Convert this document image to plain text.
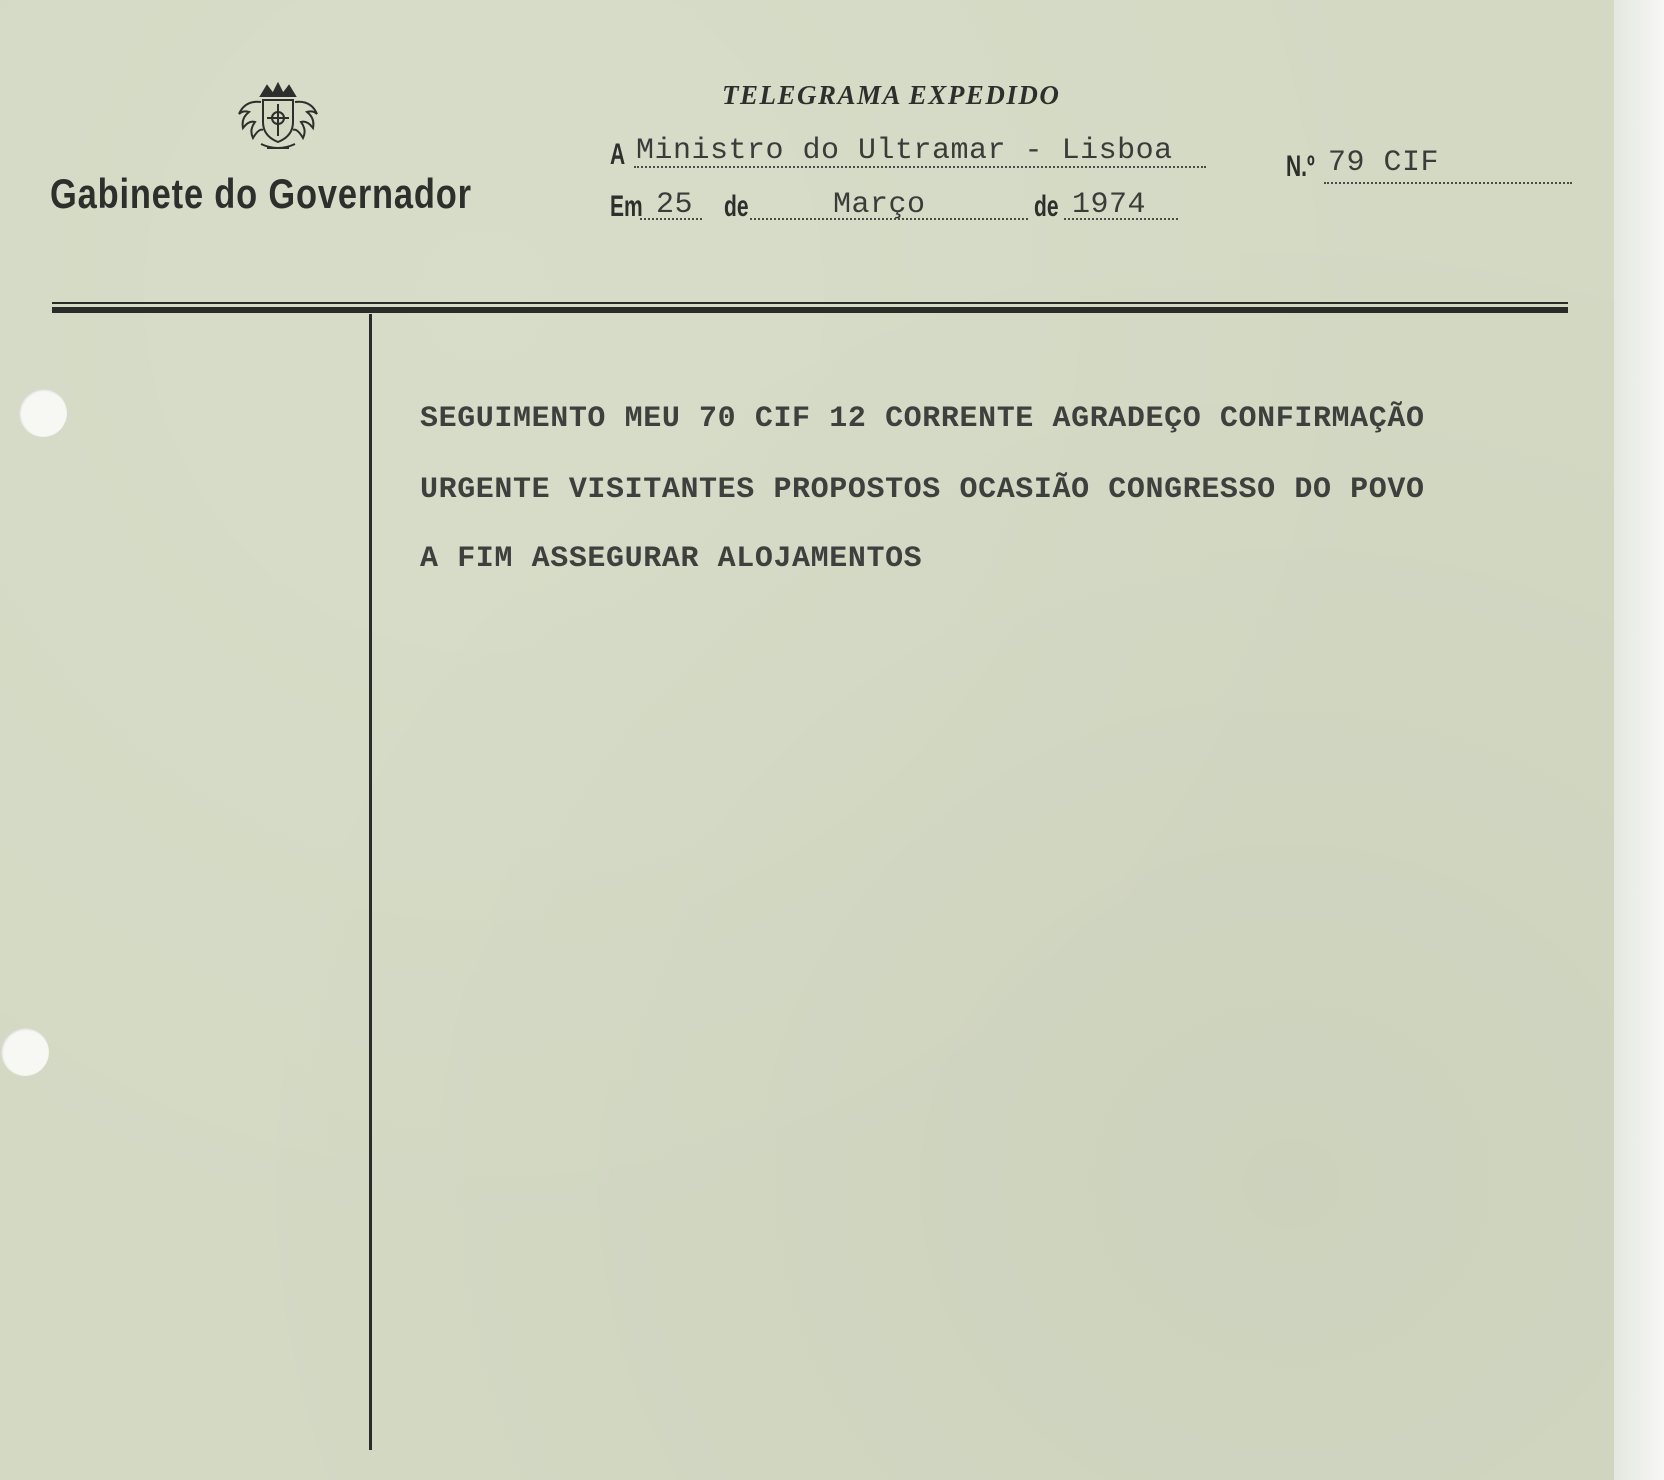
Gabinete do Governador
TELEGRAMA EXPEDIDO
A Ministro do Ultramar - Lisboa
Em 25 de	Março	de 1974
N.º 79 CIF
SEGUIMENTO MEU 70 CIF 12 CORRENTE AGRADEÇO CONFIRMAÇÃO
URGENTE VISITANTES PROPOSTOS OCASIÃO CONGRESSO DO POVO
A FIM ASSEGURAR ALOJAMENTOS
